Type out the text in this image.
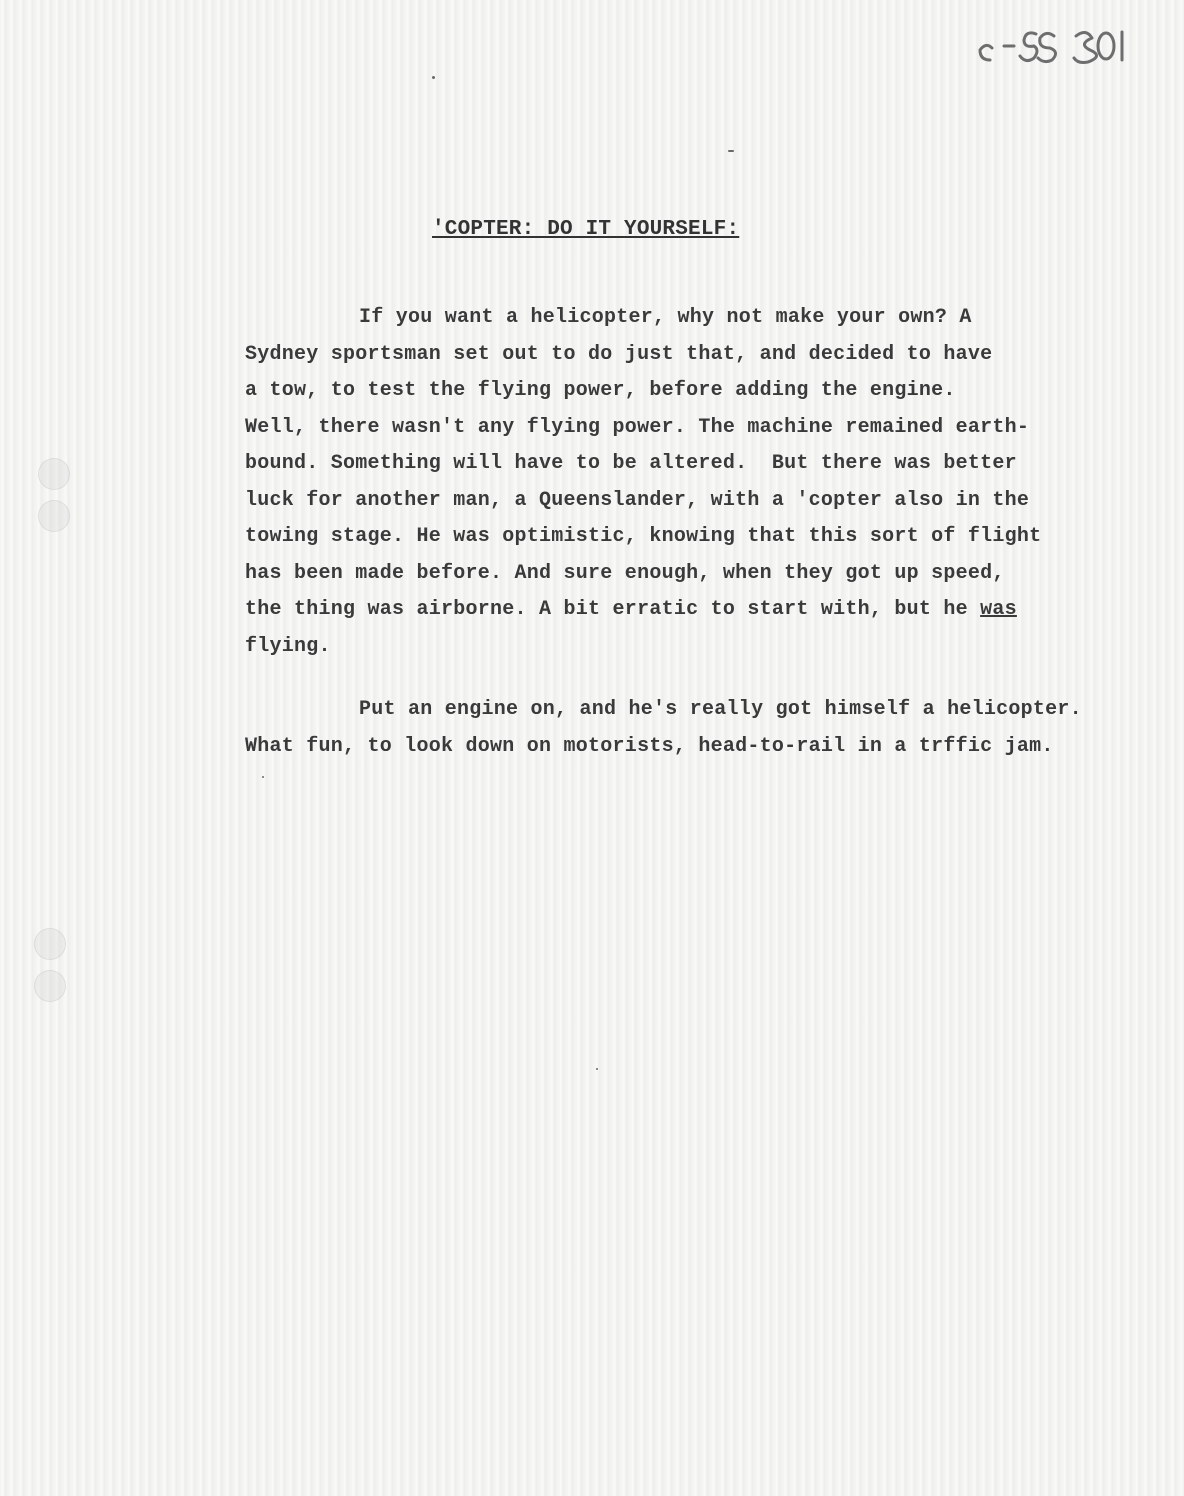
'COPTER: DO IT YOURSELF:
If you want a helicopter, why not make your own? A
Sydney sportsman set out to do just that, and decided to have
a tow, to test the flying power, before adding the engine.
Well, there wasn't any flying power. The machine remained earth-
bound. Something will have to be altered.  But there was better
luck for another man, a Queenslander, with a 'copter also in the
towing stage. He was optimistic, knowing that this sort of flight
has been made before. And sure enough, when they got up speed,
the thing was airborne. A bit erratic to start with, but he was
flying.
Put an engine on, and he's really got himself a helicopter.
What fun, to look down on motorists, head-to-rail in a trffic jam.
